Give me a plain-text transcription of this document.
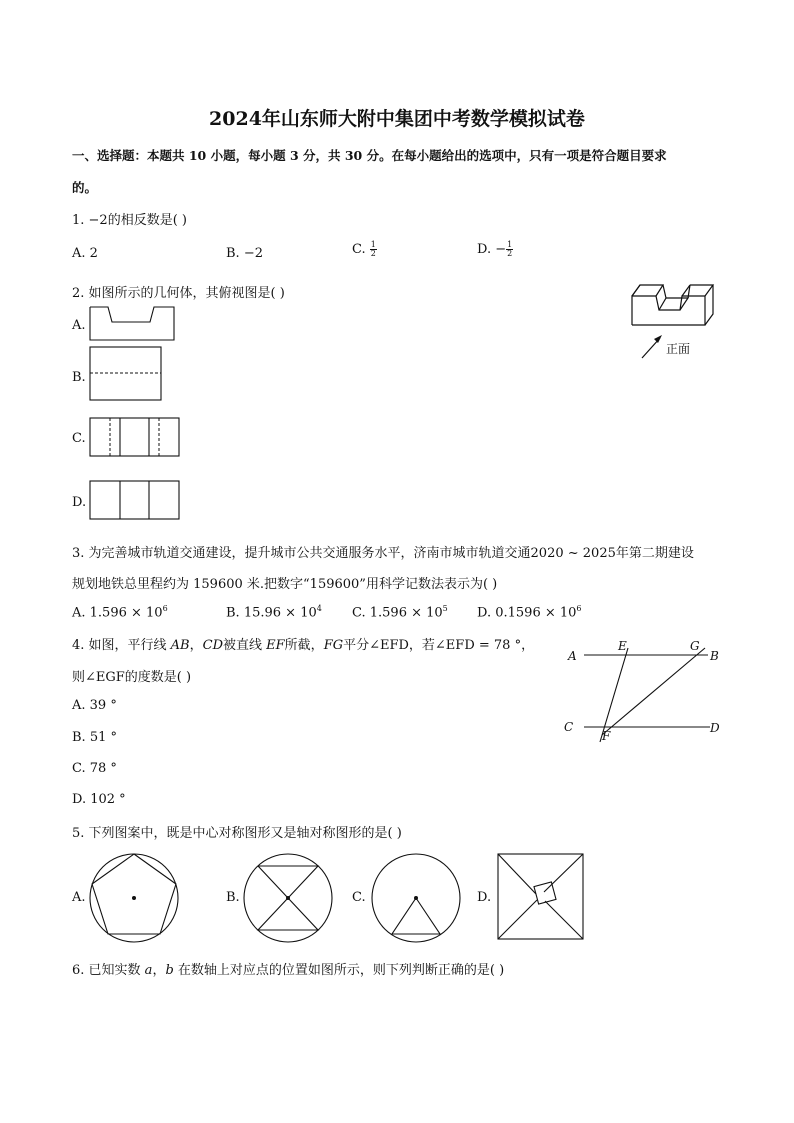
2024年山东师大附中集团中考数学模拟试卷
一、选择题：本题共 10 小题，每小题 3 分，共 30 分。在每小题给出的选项中，只有一项是符合题目要求
的。
1. −2的相反数是( )
A. 2	B. −2	C. $\frac{1}{2}$	D. − $\frac{1}{2}$
2. 如图所示的几何体，其俯视图是( )
正面
A.
B.
C.
D.
3. 为完善城市轨道交通建设，提升城市公共交通服务水平，济南市城市轨道交通2020 ~ 2025年第二期建设
规划地铁总里程约为 159600 米.把数字“159600”用科学记数法表示为( )
A. $1.596 \times 10^6$	B. $15.96 \times 10^4$ C. $1.596 \times 10^5$ D. $0.1596 \times 10^6$
4. 如图，平行线 AB，CD被直线 EF所截，FG平分∠EFD，若∠EFD = 78 °，
则∠EGF的度数是( )
A. 39 °
B. 51 °
C. 78 °
D. 102 °
A	B
C	D
E
F
G
5. 下列图案中，既是中心对称图形又是轴对称图形的是( )
A.	B.	C.	D.
6. 已知实数 a，b 在数轴上对应点的位置如图所示，则下列判断正确的是( )
